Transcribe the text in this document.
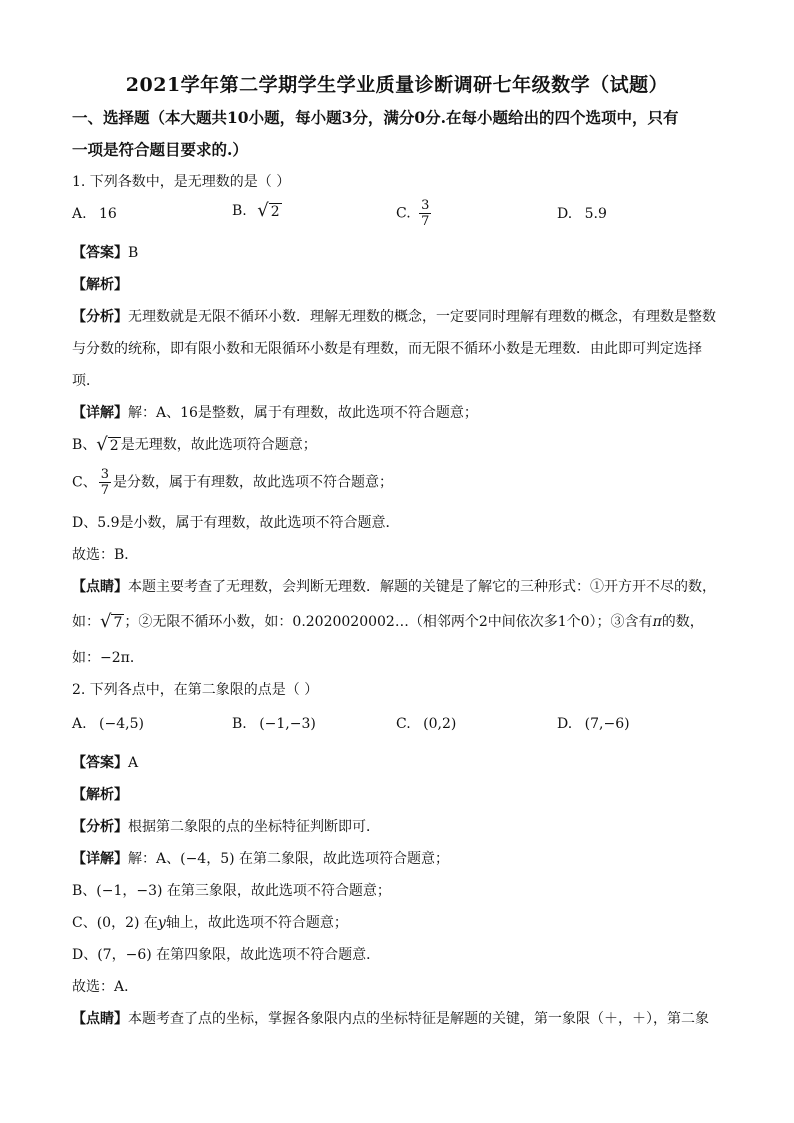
2021学年第二学期学生学业质量诊断调研七年级数学（试题）
一、选择题（本大题共10小题，每小题3分，满分0分.在每小题给出的四个选项中，只有
一项是符合题目要求的.）
1. 下列各数中，是无理数的是（ ）
A. 16	B. √ 2	C. $\frac{3}{7}$	D. 5.9
【答案】B
【解析】
【分析】无理数就是无限不循环小数．理解无理数的概念，一定要同时理解有理数的概念，有理数是整数
与分数的统称，即有限小数和无限循环小数是有理数，而无限不循环小数是无理数．由此即可判定选择
项．
【详解】解：A、16是整数，属于有理数，故此选项不符合题意；
B、 √ 2 是无理数，故此选项符合题意；
C、 $\frac{3}{7}$ 是分数，属于有理数，故此选项不符合题意；
D、5.9是小数，属于有理数，故此选项不符合题意．
故选：B．
【点睛】本题主要考查了无理数，会判断无理数．解题的关键是了解它的三种形式：①开方开不尽的数，
如： √ 7 ；②无限不循环小数，如：0.2020020002…（相邻两个2中间依次多1个0）；③含有π的数，
如：−2π．
2. 下列各点中，在第二象限的点是（ ）
A. (−4,5)	B. (−1,−3)	C. (0,2)	D. (7,−6)
【答案】A
【解析】
【分析】根据第二象限的点的坐标特征判断即可．
【详解】解：A、(−4，5) 在第二象限，故此选项符合题意；
B、(−1，−3) 在第三象限，故此选项不符合题意；
C、(0，2) 在y轴上，故此选项不符合题意；
D、(7，−6) 在第四象限，故此选项不符合题意．
故选：A．
【点睛】本题考查了点的坐标，掌握各象限内点的坐标特征是解题的关键，第一象限（＋，＋），第二象
